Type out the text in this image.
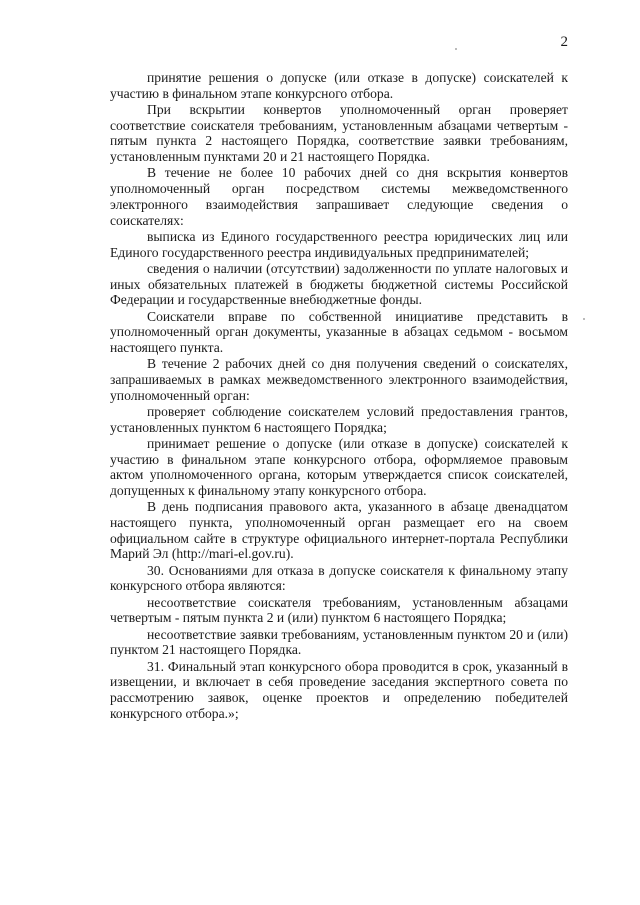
2

принятие решения о допуске (или отказе в допуске) соискателей к участию в финальном этапе конкурсного отбора.

При вскрытии конвертов уполномоченный орган проверяет соответствие соискателя требованиям, установленным абзацами четвертым - пятым пункта 2 настоящего Порядка, соответствие заявки требованиям, установленным пунктами 20 и 21 настоящего Порядка.

В течение не более 10 рабочих дней со дня вскрытия конвертов уполномоченный орган посредством системы межведомственного электронного взаимодействия запрашивает следующие сведения о соискателях:

выписка из Единого государственного реестра юридических лиц или Единого государственного реестра индивидуальных предпринимателей;

сведения о наличии (отсутствии) задолженности по уплате налоговых и иных обязательных платежей в бюджеты бюджетной системы Российской Федерации и государственные внебюджетные фонды.

Соискатели вправе по собственной инициативе представить в уполномоченный орган документы, указанные в абзацах седьмом - восьмом настоящего пункта.

В течение 2 рабочих дней со дня получения сведений о соискателях, запрашиваемых в рамках межведомственного электронного взаимодействия, уполномоченный орган:

проверяет соблюдение соискателем условий предоставления грантов, установленных пунктом 6 настоящего Порядка;

принимает решение о допуске (или отказе в допуске) соискателей к участию в финальном этапе конкурсного отбора, оформляемое правовым актом уполномоченного органа, которым утверждается список соискателей, допущенных к финальному этапу конкурсного отбора.

В день подписания правового акта, указанного в абзаце двенадцатом настоящего пункта, уполномоченный орган размещает его на своем официальном сайте в структуре официального интернет-портала Республики Марий Эл (http://mari-el.gov.ru).

30. Основаниями для отказа в допуске соискателя к финальному этапу конкурсного отбора являются:

несоответствие соискателя требованиям, установленным абзацами четвертым - пятым пункта 2 и (или) пунктом 6 настоящего Порядка;

несоответствие заявки требованиям, установленным пунктом 20 и (или) пунктом 21 настоящего Порядка.

31. Финальный этап конкурсного обора проводится в срок, указанный в извещении, и включает в себя проведение заседания экспертного совета по рассмотрению заявок, оценке проектов и определению победителей конкурсного отбора.»;
